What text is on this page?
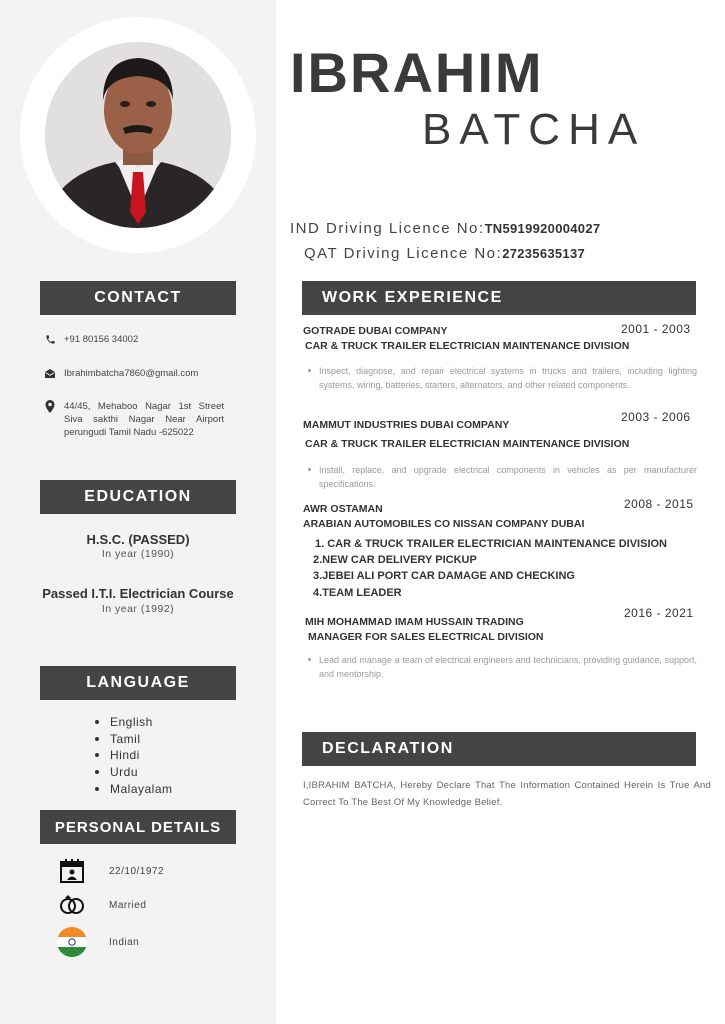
CONTACT
+91 80156 34002
Ibrahimbatcha7860@gmail.com
44/45, Mehaboo Nagar 1st Street Siva sakthi Nagar Near Airport perungudi Tamil Nadu -625022
EDUCATION
H.S.C. (PASSED)
In year (1990)
Passed I.T.I. Electrician Course
In year (1992)
LANGUAGE
English
Tamil
Hindi
Urdu
Malayalam
PERSONAL DETAILS
22/10/1972
Married
Indian
IBRAHIM
BATCHA
IND Driving Licence No:TN5919920004027
QAT Driving Licence No:27235635137
WORK EXPERIENCE
GOTRADE DUBAI COMPANY	2001 - 2003
CAR & TRUCK TRAILER ELECTRICIAN MAINTENANCE DIVISION
Inspect, diagnose, and repair electrical systems in trucks and trailers, including lighting systems, wiring, batteries, starters, alternators, and other related components.
MAMMUT INDUSTRIES DUBAI COMPANY
2003 - 2006
CAR & TRUCK TRAILER ELECTRICIAN MAINTENANCE DIVISION
Install, replace, and upgrade electrical components in vehicles as per manufacturer specifications.
AWR OSTAMAN	2008 - 2015
ARABIAN AUTOMOBILES CO NISSAN COMPANY DUBAI
1. CAR & TRUCK TRAILER ELECTRICIAN MAINTENANCE DIVISION
2.NEW CAR DELIVERY PICKUP
3.JEBEI ALI PORT CAR DAMAGE AND CHECKING
4.TEAM LEADER
MIH MOHAMMAD IMAM HUSSAIN TRADING
2016 - 2021
MANAGER FOR SALES ELECTRICAL DIVISION
Lead and manage a team of electrical engineers and technicians, providing guidance, support, and mentorship.
DECLARATION
I,IBRAHIM BATCHA, Hereby Declare That The Information Contained Herein Is True And Correct To The Best Of My Knowledge Belief.
